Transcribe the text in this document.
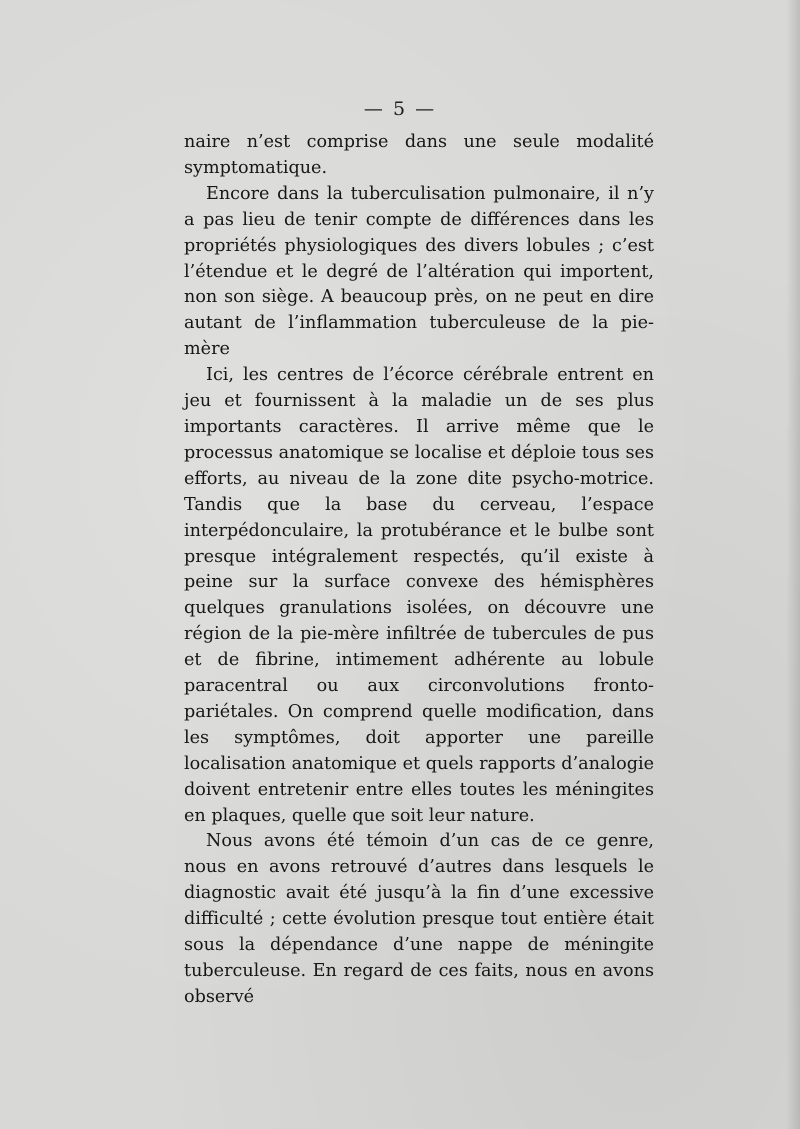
— 5 —

naire n’est comprise dans une seule modalité symptomatique.

Encore dans la tuberculisation pulmonaire, il n’y a pas lieu de tenir compte de différences dans les propriétés physiologiques des divers lobules ; c’est l’étendue et le degré de l’altération qui importent, non son siège. A beaucoup près, on ne peut en dire autant de l’inflammation tuberculeuse de la pie-mère

Ici, les centres de l’écorce cérébrale entrent en jeu et fournissent à la maladie un de ses plus importants caractères. Il arrive même que le processus anatomique se localise et déploie tous ses efforts, au niveau de la zone dite psycho-motrice. Tandis que la base du cerveau, l’espace interpédonculaire, la protubérance et le bulbe sont presque intégralement respectés, qu’il existe à peine sur la surface convexe des hémisphères quelques granulations isolées, on découvre une région de la pie-mère infiltrée de tubercules de pus et de fibrine, intimement adhérente au lobule paracentral ou aux circonvolutions fronto-pariétales. On comprend quelle modification, dans les symptômes, doit apporter une pareille localisation anatomique et quels rapports d’analogie doivent entretenir entre elles toutes les méningites en plaques, quelle que soit leur nature.

Nous avons été témoin d’un cas de ce genre, nous en avons retrouvé d’autres dans lesquels le diagnostic avait été jusqu’à la fin d’une excessive difficulté ; cette évolution presque tout entière était sous la dépendance d’une nappe de méningite tuberculeuse. En regard de ces faits, nous en avons observé
